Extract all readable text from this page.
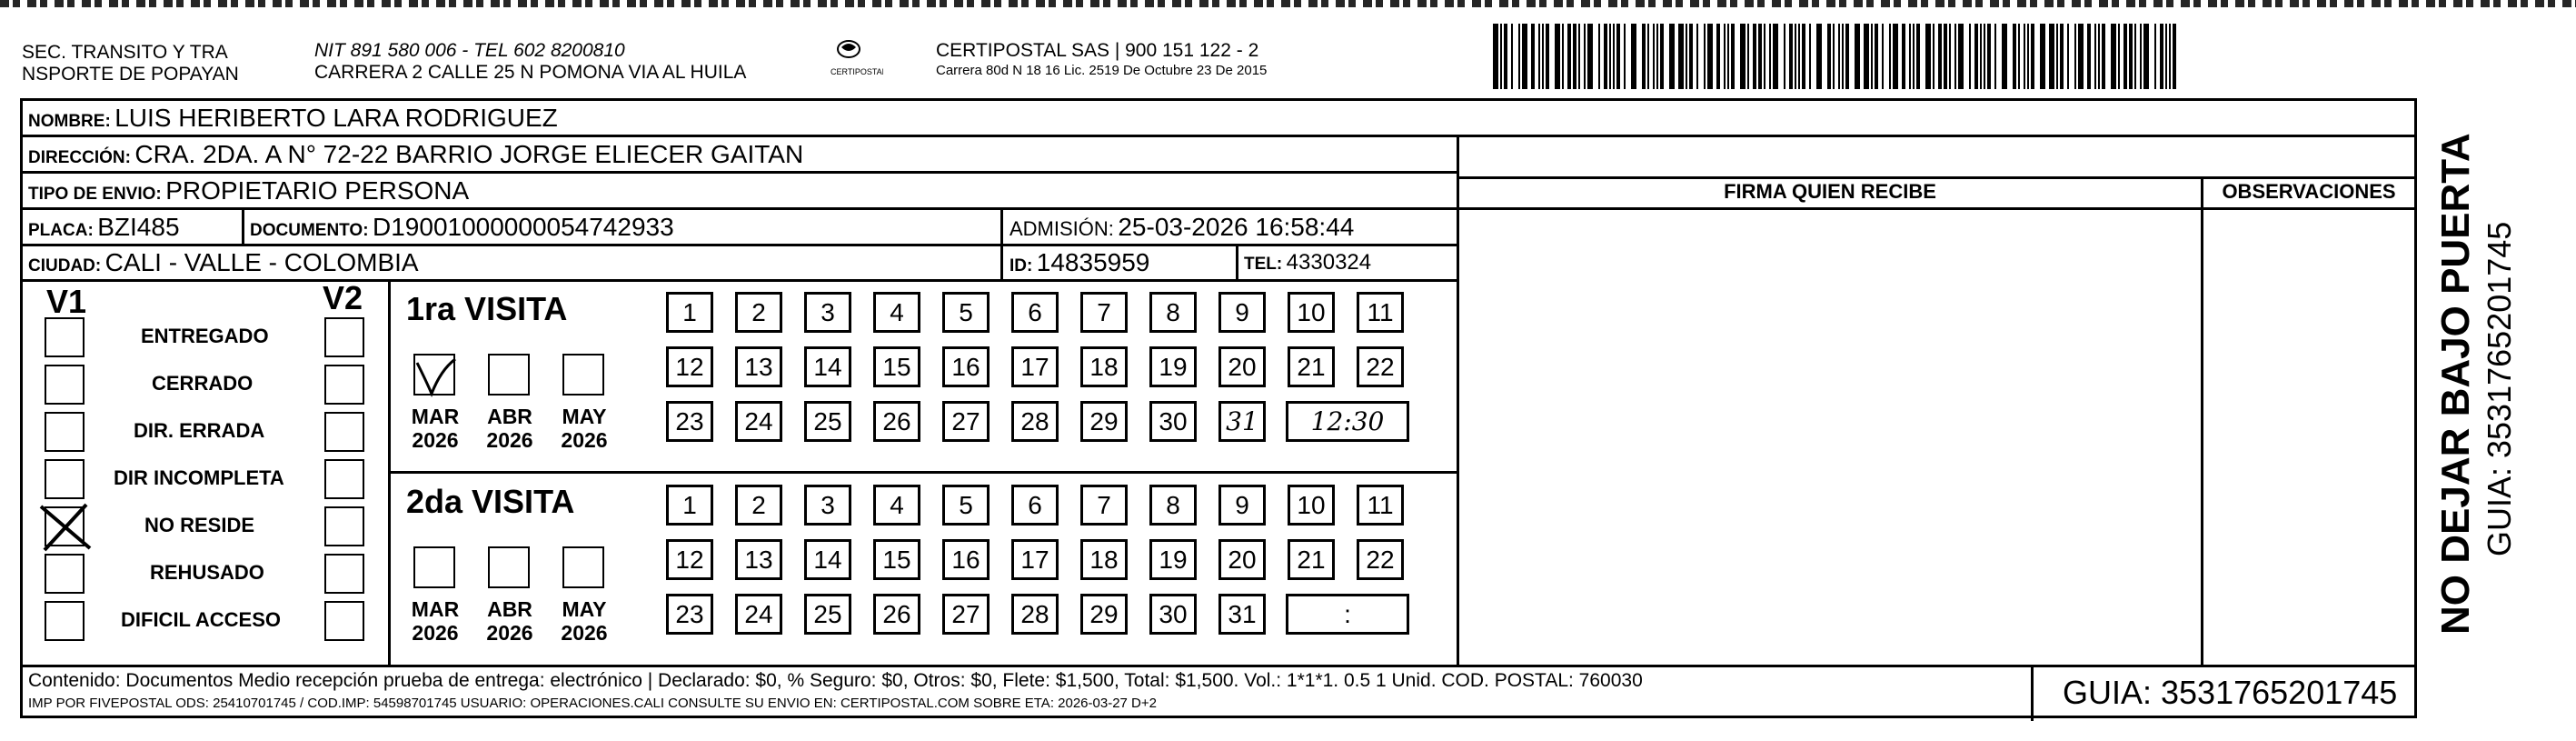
SEC. TRANSITO Y TRA
NSPORTE DE POPAYAN
NIT 891 580 006 - TEL 602 8200810
CARRERA 2 CALLE 25 N POMONA VIA AL HUILA	CERTIPOSTAL
CERTIPOSTAL SAS | 900 151 122 - 2
Carrera 80d N 18 16 Lic. 2519 De Octubre 23 De 2015
NOMBRE: LUIS HERIBERTO LARA RODRIGUEZ
DIRECCIÓN: CRA. 2DA. A N° 72-22 BARRIO JORGE ELIECER GAITAN
TIPO DE ENVIO: PROPIETARIO PERSONA
PLACA: BZI485	DOCUMENTO: D19001000000054742933	ADMISIÓN: 25-03-2026 16:58:44
CIUDAD: CALI - VALLE - COLOMBIA	ID: 14835959	TEL: 4330324
FIRMA QUIEN RECIBE	OBSERVACIONES
V1	V2
ENTREGADO
CERRADO
DIR. ERRADA
DIR INCOMPLETA
NO RESIDE
REHUSADO
DIFICIL ACCESO
1ra VISITA
MAR
2026
ABR
2026
MAY
2026
1	2	3	4	5	6	7	8	9	10	11
12	13	14	15	16	17	18	19	20	21	22
23	24	25	26	27	28	29	30	31	12:30
2da VISITA
MAR
2026
ABR
2026
MAY
2026
1	2	3	4	5	6	7	8	9	10	11
12	13	14	15	16	17	18	19	20	21	22
23	24	25	26	27	28	29	30	31	:
Contenido: Documentos Medio recepción prueba de entrega: electrónico | Declarado: $0, % Seguro: $0, Otros: $0, Flete: $1,500, Total: $1,500. Vol.: 1*1*1. 0.5 1 Unid. COD. POSTAL: 760030
IMP POR FIVEPOSTAL ODS: 25410701745 / COD.IMP: 54598701745 USUARIO: OPERACIONES.CALI CONSULTE SU ENVIO EN: CERTIPOSTAL.COM SOBRE ETA: 2026-03-27 D+2	GUIA: 3531765201745
NO DEJAR BAJO PUERTA GUIA: 3531765201745
